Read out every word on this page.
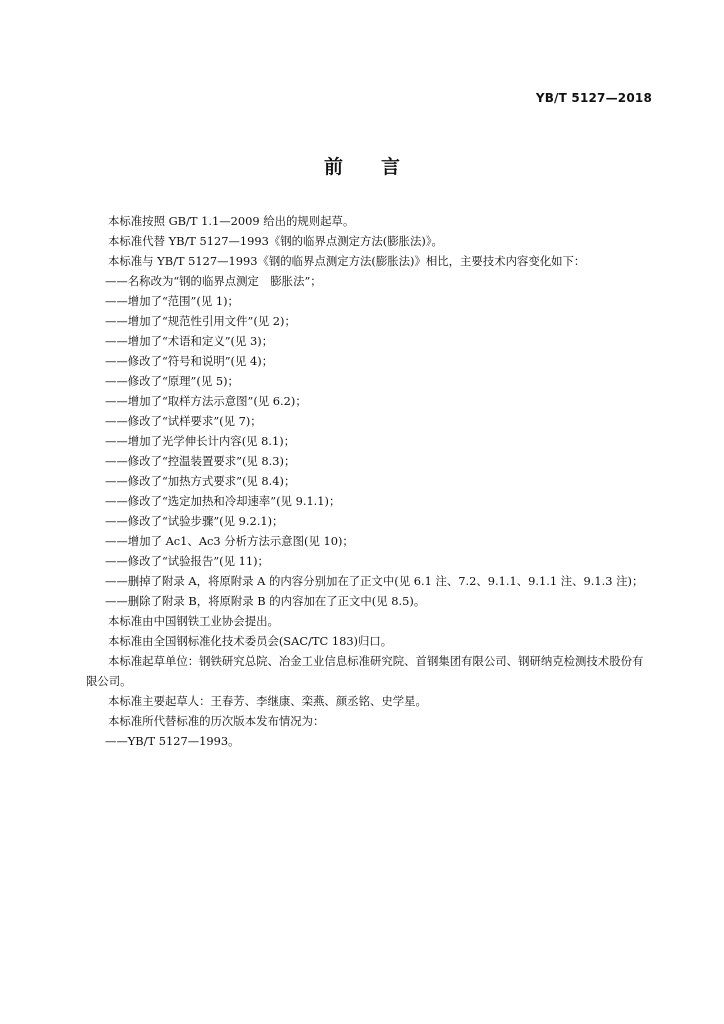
YB/T 5127—2018
前言

本标准按照 GB/T 1.1—2009 给出的规则起草。

本标准代替 YB/T 5127—1993《钢的临界点测定方法(膨胀法)》。

本标准与 YB/T 5127—1993《钢的临界点测定方法(膨胀法)》相比，主要技术内容变化如下：

——名称改为“钢的临界点测定　膨胀法”；

——增加了“范围”(见 1)；

——增加了“规范性引用文件”(见 2)；

——增加了“术语和定义”(见 3)；

——修改了“符号和说明”(见 4)；

——修改了“原理”(见 5)；

——增加了“取样方法示意图”(见 6.2)；

——修改了“试样要求”(见 7)；

——增加了光学伸长计内容(见 8.1)；

——修改了“控温装置要求”(见 8.3)；

——修改了“加热方式要求”(见 8.4)；

——修改了“选定加热和冷却速率”(见 9.1.1)；

——修改了“试验步骤”(见 9.2.1)；

——增加了 Ac1、Ac3 分析方法示意图(见 10)；

——修改了“试验报告”(见 11)；

——删掉了附录 A，将原附录 A 的内容分别加在了正文中(见 6.1 注、7.2、9.1.1、9.1.1 注、9.1.3 注)；

——删除了附录 B，将原附录 B 的内容加在了正文中(见 8.5)。

本标准由中国钢铁工业协会提出。

本标准由全国钢标准化技术委员会(SAC/TC 183)归口。

本标准起草单位：钢铁研究总院、冶金工业信息标准研究院、首钢集团有限公司、钢研纳克检测技术股份有限公司。

本标准主要起草人：王春芳、李继康、栾燕、颜丞铭、史学星。

本标准所代替标准的历次版本发布情况为：

——YB/T 5127—1993。
